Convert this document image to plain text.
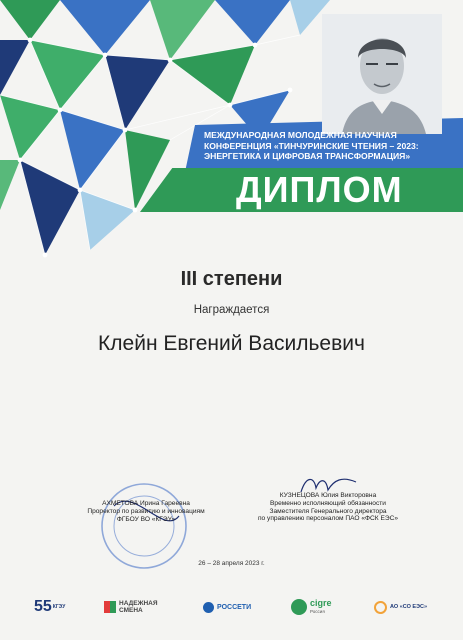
МЕЖДУНАРОДНАЯ МОЛОДЕЖНАЯ НАУЧНАЯ КОНФЕРЕНЦИЯ «ТИНЧУРИНСКИЕ ЧТЕНИЯ – 2023: ЭНЕРГЕТИКА И ЦИФРОВАЯ ТРАНСФОРМАЦИЯ»
ДИПЛОМ
III степени
Награждается
Клейн Евгений Васильевич
АХМЕТОВА Ирина Гареевна
Проректор по развитию и инновациям
ФГБОУ ВО «КГЭУ»
КУЗНЕЦОВА Юлия Викторовна
Временно исполняющий обязанности
Заместителя Генерального директора
по управлению персоналом ПАО «ФСК ЕЭС»
26 – 28 апреля 2023 г.
55 КГЭУ	НАДЕЖНАЯ
СМЕНА	РОССЕТИ	cigre
Россия
АО «СО ЕЭС»
